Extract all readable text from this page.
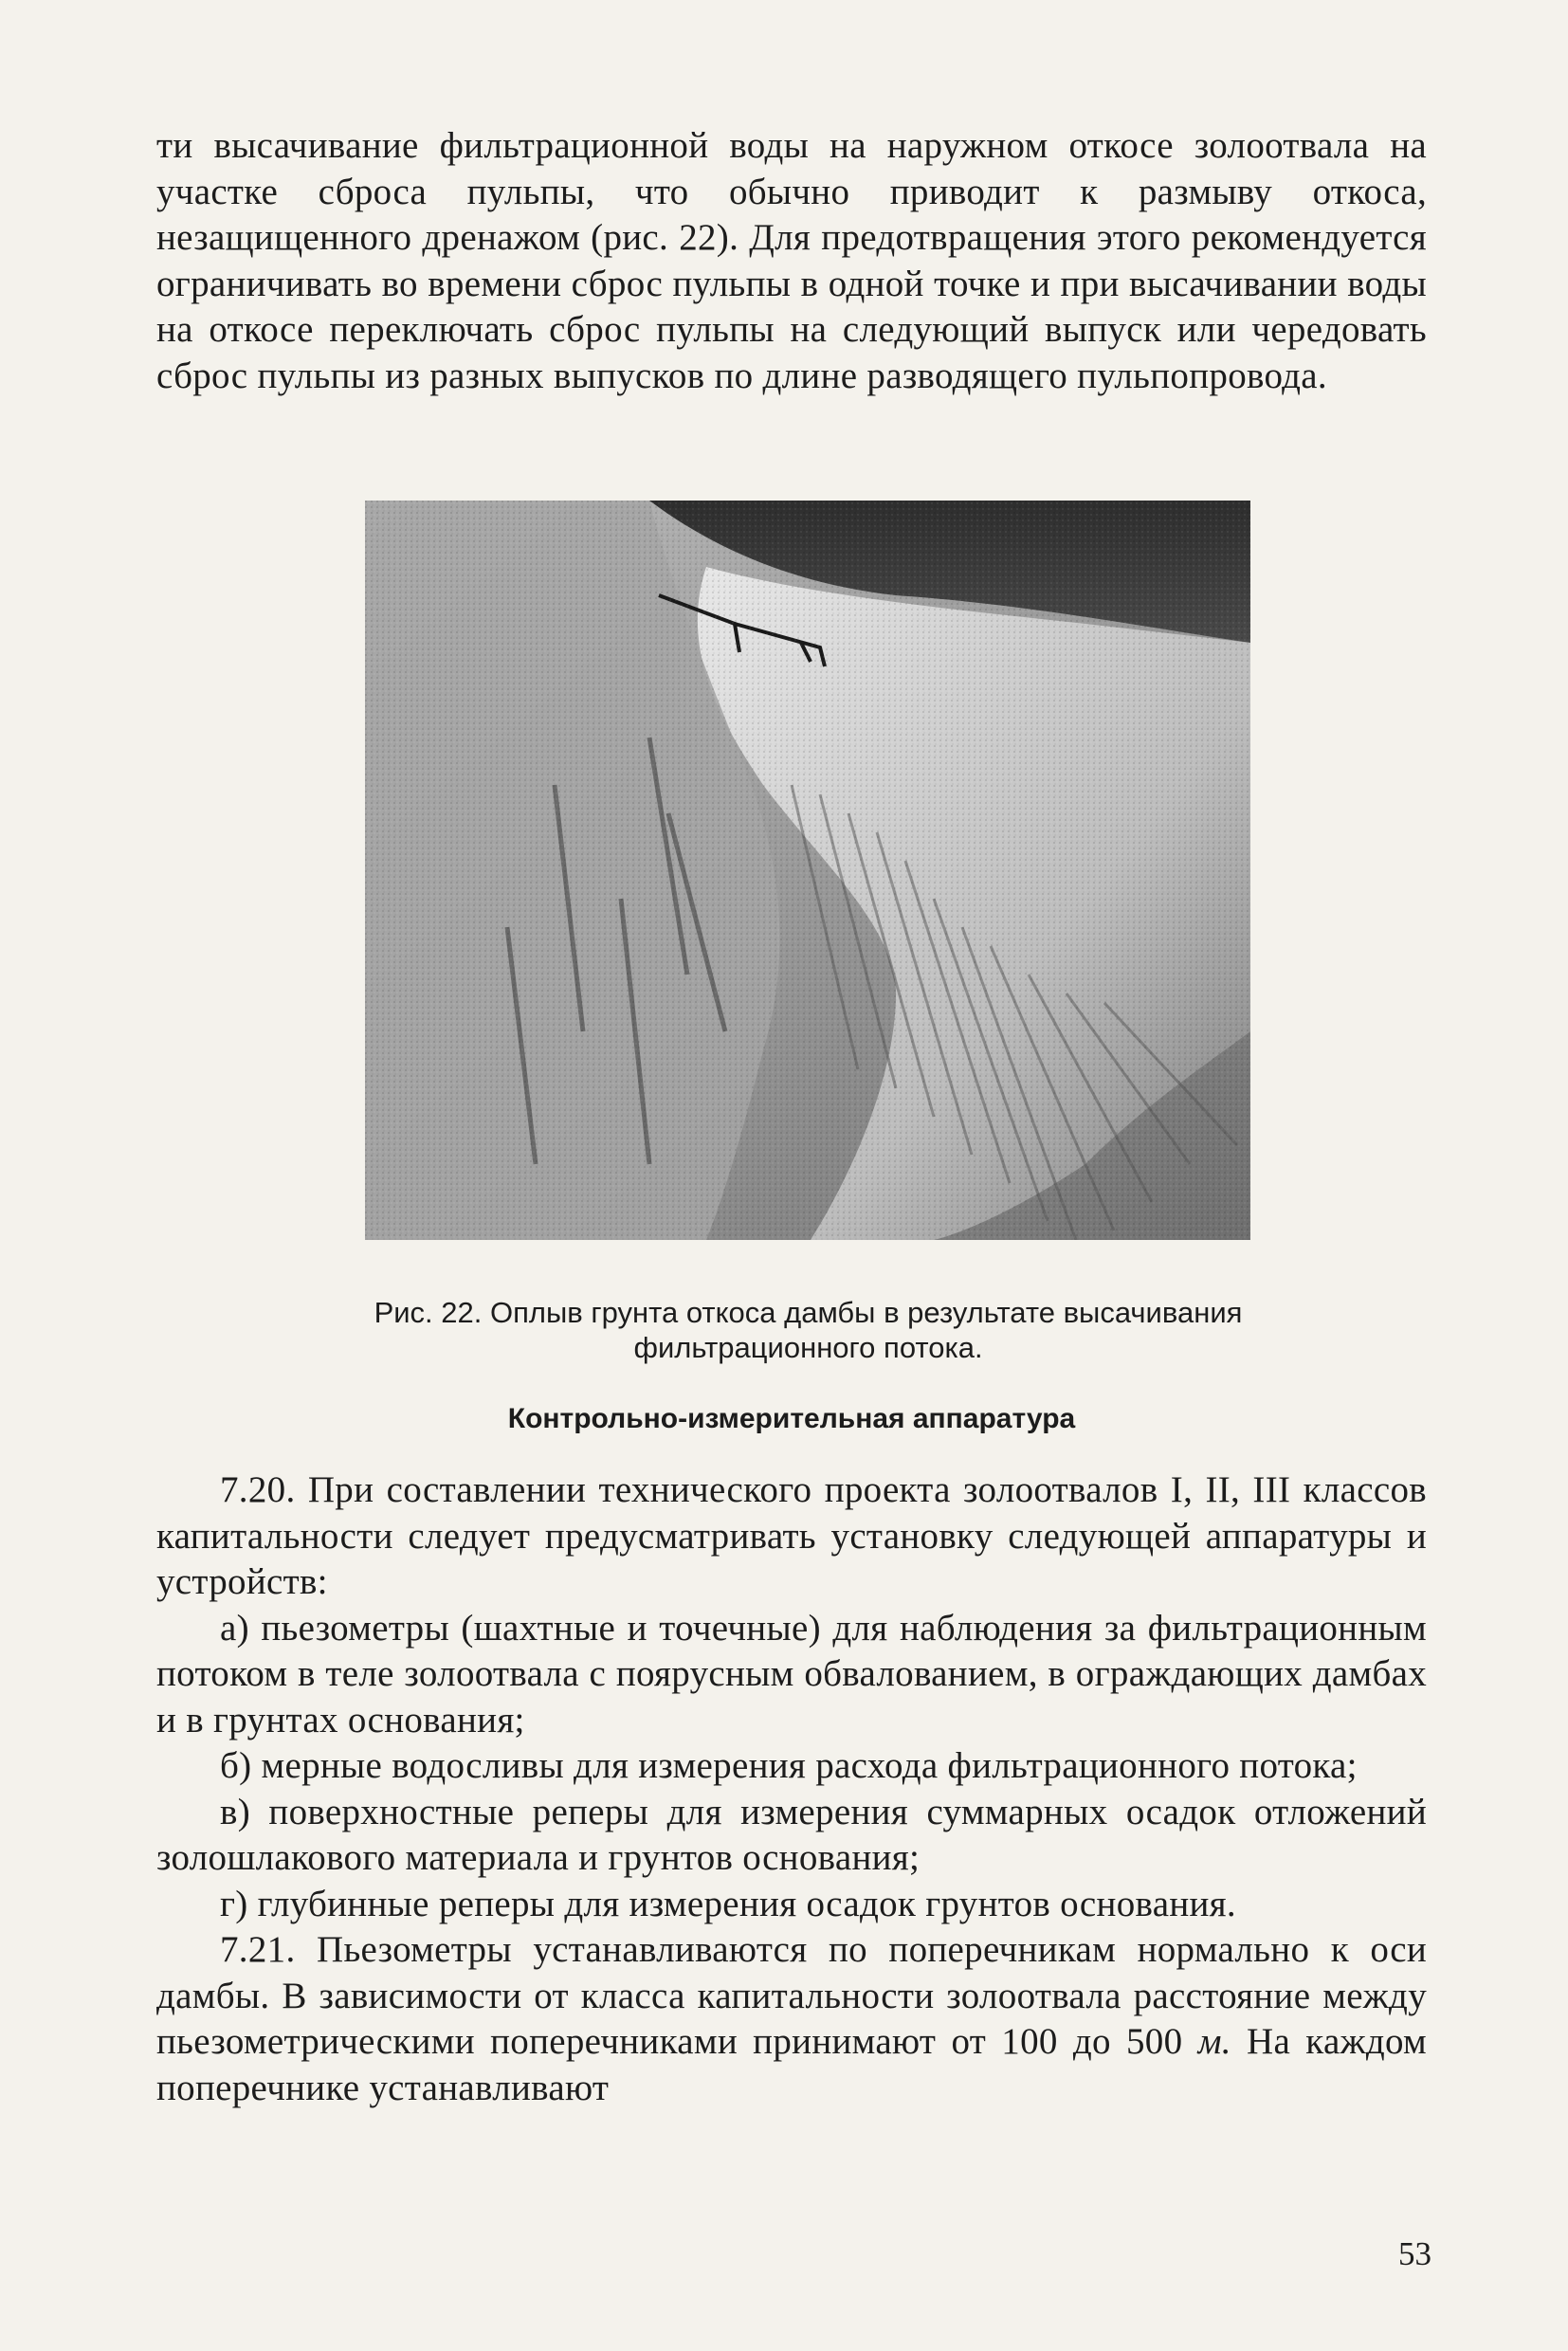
ти высачивание фильтрационной воды на наружном откосе золоотвала на участке сброса пульпы, что обычно приводит к размыву откоса, незащищенного дренажом (рис. 22). Для предотвращения этого рекомендуется ограничивать во времени сброс пульпы в одной точке и при высачивании воды на откосе переключать сброс пульпы на следующий выпуск или чередовать сброс пульпы из разных выпусков по длине разводящего пульпопровода.

Рис. 22. Оплыв грунта откоса дамбы в результате высачивания
фильтрационного потока.
Контрольно-измерительная аппаратура

7.20. При составлении технического проекта золоотвалов I, II, III классов капитальности следует предусматривать установку следующей аппаратуры и устройств:

а) пьезометры (шахтные и точечные) для наблюдения за фильтрационным потоком в теле золоотвала с поярусным обвалованием, в ограждающих дамбах и в грунтах основания;

б) мерные водосливы для измерения расхода фильтрационного потока;

в) поверхностные реперы для измерения суммарных осадок отложений золошлакового материала и грунтов основания;

г) глубинные реперы для измерения осадок грунтов основания.

7.21. Пьезометры устанавливаются по поперечникам нормально к оси дамбы. В зависимости от класса капитальности золоотвала расстояние между пьезометрическими поперечниками принимают от 100 до 500 м. На каждом поперечнике устанавливают

53
